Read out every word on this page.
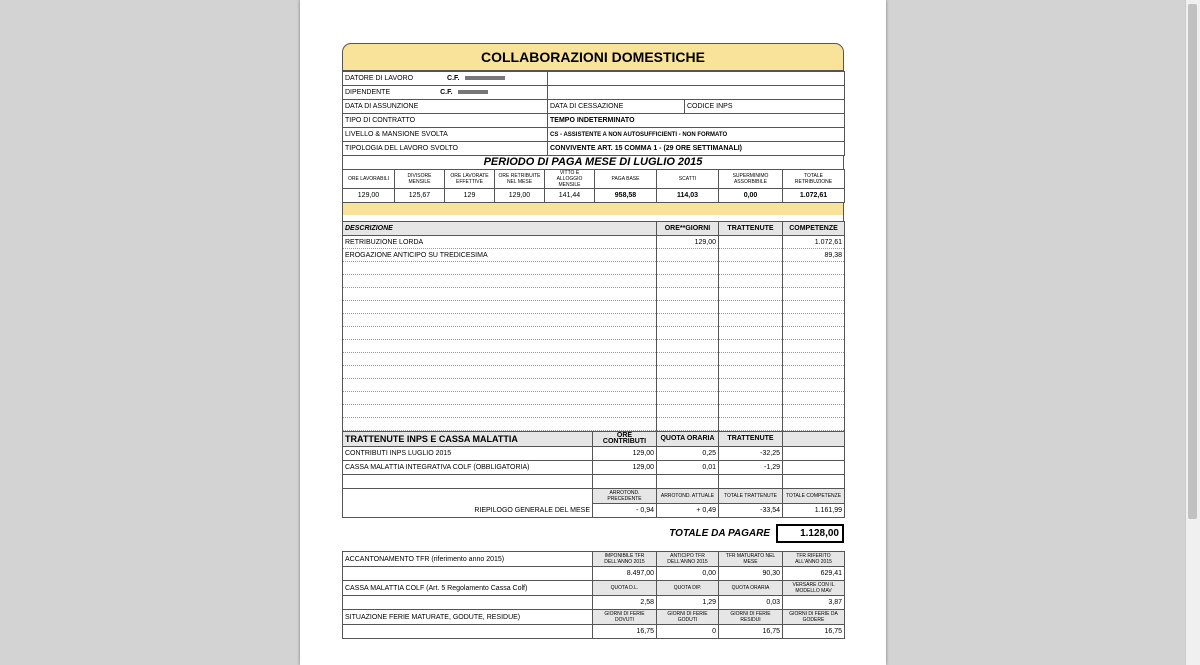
COLLABORAZIONI DOMESTICHE
DATORE DI LAVORO C.F.		
DIPENDENTE C.F.		
DATA DI ASSUNZIONE	DATA DI CESSAZIONE	CODICE INPS
TIPO DI CONTRATTO	TEMPO INDETERMINATO	
LIVELLO & MANSIONE SVOLTA	CS - ASSISTENTE A NON AUTOSUFFICIENTI - NON FORMATO	
TIPOLOGIA DEL LAVORO SVOLTO	CONVIVENTE ART. 15 COMMA 1 - (29 ORE SETTIMANALI)	
PERIODO DI PAGA MESE DI LUGLIO 2015
ORE LAVORABILI	DIVISORE MENSILE	ORE LAVORATE EFFETTIVE	ORE RETRIBUITE NEL MESE	VITTO E ALLOGGIO MENSILE	PAGA BASE	SCATTI	SUPERMINIMO ASSORBIBILE	TOTALE RETRIBUZIONE
129,00	125,67	129	129,00	141,44	958,58	114,03	0,00	1.072,61
DESCRIZIONE	ORE**GIORNI	TRATTENUTE	COMPETENZE
RETRIBUZIONE LORDA	129,00		1.072,61
EROGAZIONE ANTICIPO SU TREDICESIMA			89,38

TRATTENUTE INPS E CASSA MALATTIA	ORE CONTRIBUTI	QUOTA ORARIA	TRATTENUTE	
CONTRIBUTI INPS LUGLIO 2015	129,00	0,25	-32,25	
CASSA MALATTIA INTEGRATIVA COLF (OBBLIGATORIA)	129,00	0,01	-1,29	

	ARROTOND. PRECEDENTE	ARROTOND. ATTUALE	TOTALE TRATTENUTE	TOTALE COMPETENZE
RIEPILOGO GENERALE DEL MESE	- 0,94	+ 0,49	-33,54	1.161,99
TOTALE DA PAGARE	1.128,00
ACCANTONAMENTO TFR (riferimento anno 2015)	IMPONIBILE TFR DELL'ANNO 2015	ANTICIPO TFR DELL'ANNO 2015	TFR MATURATO NEL MESE	TFR RIFERITO ALL'ANNO 2015
	8.497,00	0,00	90,30	629,41
CASSA MALATTIA COLF (Art. 5 Regolamento Cassa Colf)	QUOTA D.L.	QUOTA DIP.	QUOTA ORARIA	VERSARE CON IL MODELLO MAV
	2,58	1,29	0,03	3,87
SITUAZIONE FERIE MATURATE, GODUTE, RESIDUE)	GIORNI DI FERIE DOVUTI	GIORNI DI FERIE GODUTI	GIORNI DI FERIE RESIDUI	GIORNI DI FERIE DA GODERE
	16,75	0	16,75	16,75
